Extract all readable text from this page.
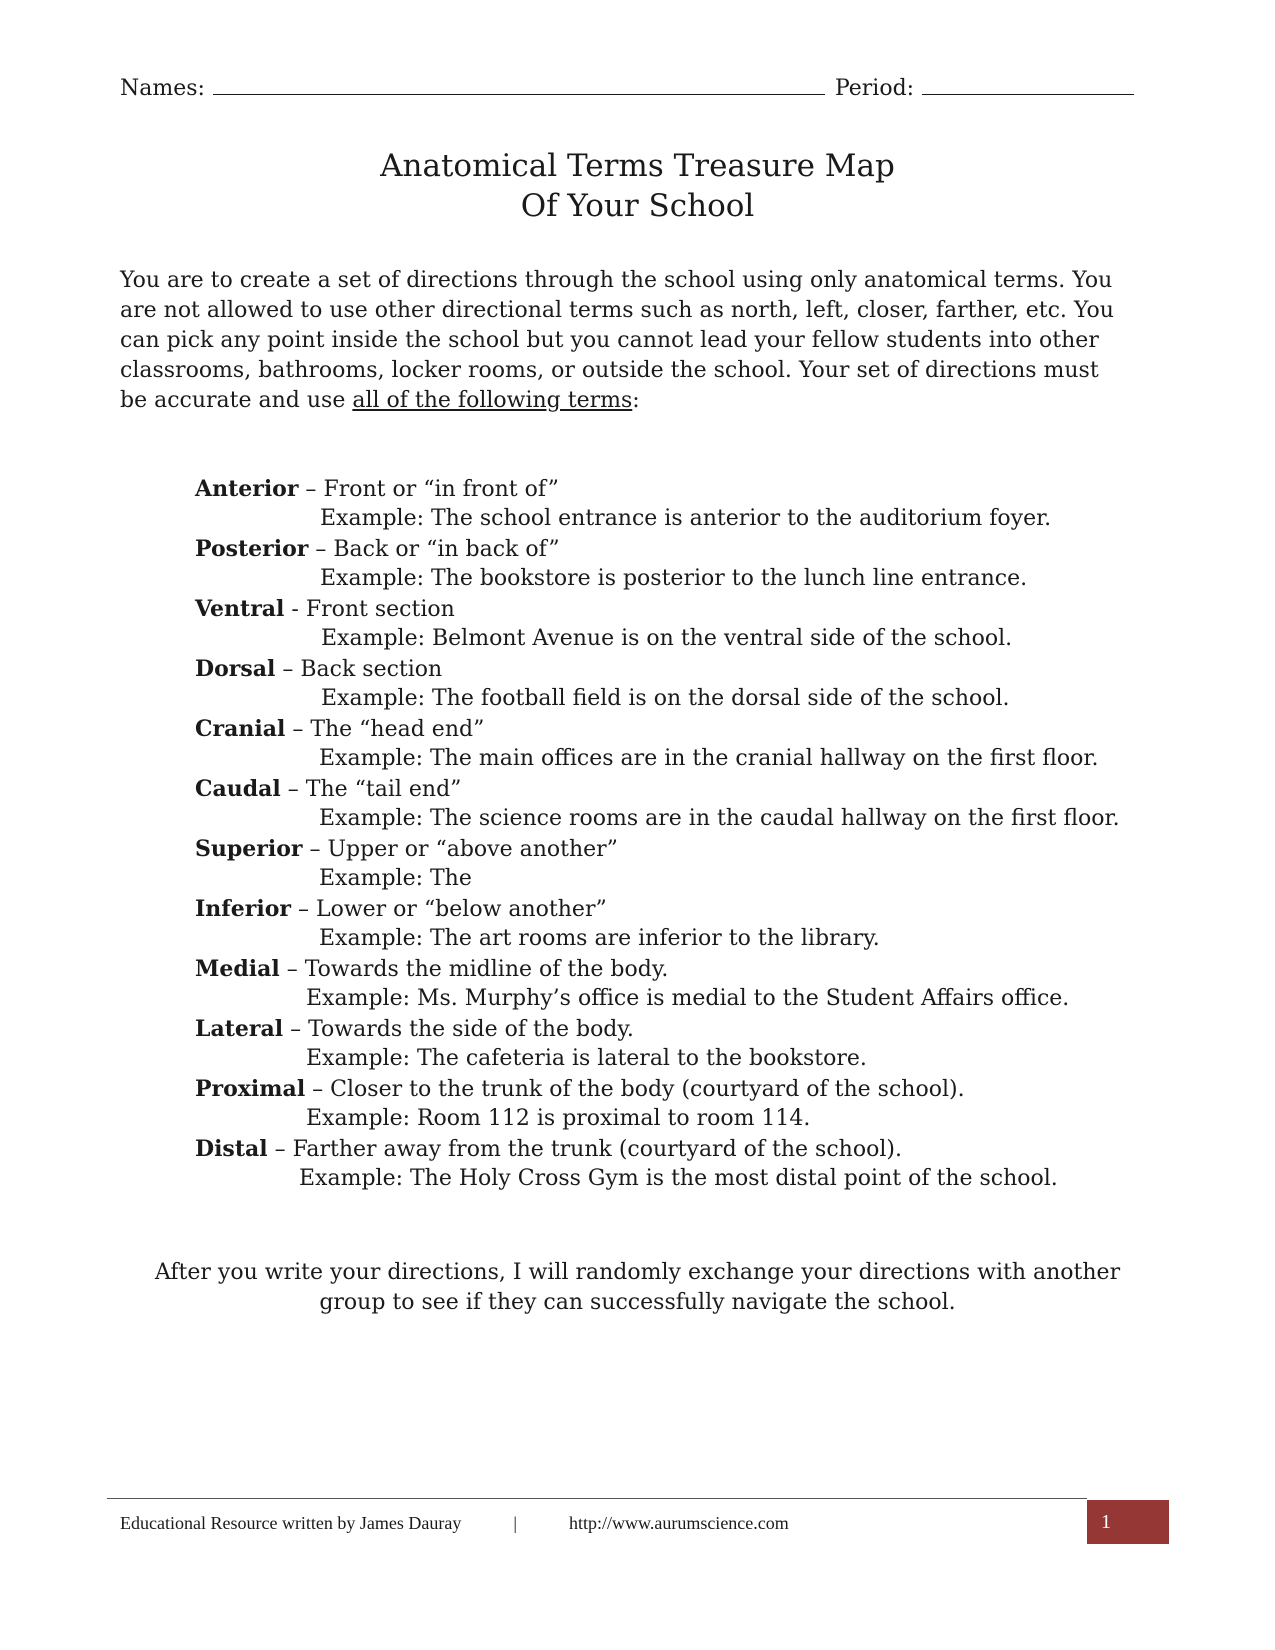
Names:	Period:
Anatomical Terms Treasure Map
Of Your School

You are to create a set of directions through the school using only anatomical terms. You

are not allowed to use other directional terms such as north, left, closer, farther, etc. You

can pick any point inside the school but you cannot lead your fellow students into other

classrooms, bathrooms, locker rooms, or outside the school. Your set of directions must

be accurate and use all of the following terms:

Anterior – Front or “in front of”
Example: The school entrance is anterior to the auditorium foyer.
Posterior – Back or “in back of”
Example: The bookstore is posterior to the lunch line entrance.
Ventral - Front section
Example: Belmont Avenue is on the ventral side of the school.
Dorsal – Back section
Example: The football field is on the dorsal side of the school.
Cranial – The “head end”
Example: The main offices are in the cranial hallway on the first floor.
Caudal – The “tail end”
Example: The science rooms are in the caudal hallway on the first floor.
Superior – Upper or “above another”
Example: The
Inferior – Lower or “below another”
Example: The art rooms are inferior to the library.
Medial – Towards the midline of the body.
Example: Ms. Murphy’s office is medial to the Student Affairs office.
Lateral – Towards the side of the body.
Example: The cafeteria is lateral to the bookstore.
Proximal – Closer to the trunk of the body (courtyard of the school).
Example: Room 112 is proximal to room 114.
Distal – Farther away from the trunk (courtyard of the school).
Example: The Holy Cross Gym is the most distal point of the school.

After you write your directions, I will randomly exchange your directions with another

group to see if they can successfully navigate the school.

Educational Resource written by James Dauray	|	http://www.aurumscience.com	1
